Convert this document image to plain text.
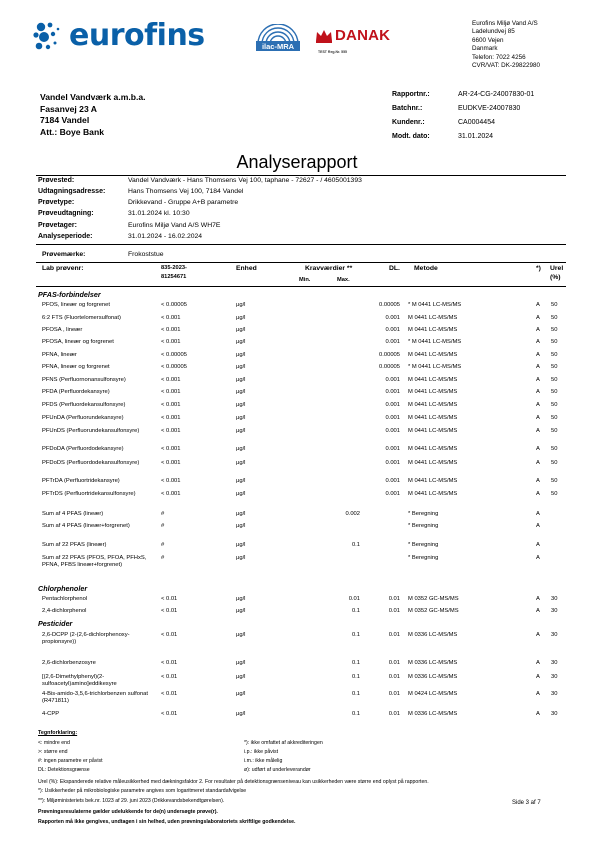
eurofins	ilac-MRA
DANAK
TEST Reg.Nr. 555
Eurofins Miljø Vand A/S
Ladelundvej 85
6600 Vejen
Danmark
Telefon: 7022 4256
CVR/VAT: DK-29822980
Vandel Vandværk a.m.b.a.
Fasanvej 23 A
7184 Vandel
Att.: Boye Bank
Rapportnr.:	AR-24-CG-24007830-01
Batchnr.:	EUDKVE-24007830
Kundenr.:	CA0004454
Modt. dato:	31.01.2024
Analyserapport
Prøvested:	Vandel Vandværk - Hans Thomsens Vej 100, taphane - 72627 - / 4605001393
Udtagningsadresse:	Hans Thomsens Vej 100, 7184 Vandel
Prøvetype:	Drikkevand - Gruppe A+B parametre
Prøveudtagning:	31.01.2024 kl. 10:30
Prøvetager:	Eurofins Miljø Vand A/S WH7E
Analyseperiode:	31.01.2024 - 16.02.2024
Prøvemærke:	Frokoststue
Lab prøvenr:	835-2023-
81254671
Enhed	Kravværdier **
Min.	Max.
DL. Metode	*) Urel
(%)
PFAS-forbindelser
PFOS, lineær og forgrenet	< 0.00005	µg/l	0.00005 * M 0441 LC-MS/MS	A 50
6:2 FTS (Fluortelomersulfonat)	< 0.001	µg/l	0.001 M 0441 LC-MS/MS	A 50
PFOSA , lineær	< 0.001	µg/l	0.001 M 0441 LC-MS/MS	A 50
PFOSA, lineær og forgrenet	< 0.001	µg/l	0.001 * M 0441 LC-MS/MS	A 50
PFNA, lineær	< 0.00005	µg/l	0.00005 M 0441 LC-MS/MS	A 50
PFNA, lineær og forgrenet	< 0.00005	µg/l	0.00005 * M 0441 LC-MS/MS	A 50
PFNS (Perfluornonansulfonsyre)	< 0.001	µg/l	0.001 M 0441 LC-MS/MS	A 50
PFDA (Perfluordekansyre)	< 0.001	µg/l	0.001 M 0441 LC-MS/MS	A 50
PFDS (Perfluordekansulfonsyre)	< 0.001	µg/l	0.001 M 0441 LC-MS/MS	A 50
PFUnDA (Perfluorundekansyre)	< 0.001	µg/l	0.001 M 0441 LC-MS/MS	A 50
PFUnDS (Perfluorundekansulfonsyre)	< 0.001	µg/l	0.001 M 0441 LC-MS/MS	A 50
PFDoDA (Perfluordodekansyre)	< 0.001	µg/l	0.001 M 0441 LC-MS/MS	A 50
PFDoDS (Perfluordodekansulfonsyre)	< 0.001	µg/l	0.001 M 0441 LC-MS/MS	A 50
PFTrDA (Perfluortridekansyre)	< 0.001	µg/l	0.001 M 0441 LC-MS/MS	A 50
PFTrDS (Perfluortridekansulfonsyre)	< 0.001	µg/l	0.001 M 0441 LC-MS/MS	A 50
Sum af 4 PFAS (lineær)	#	µg/l	0.002	* Beregning	A
Sum af 4 PFAS (lineær+forgrenet)	#	µg/l	* Beregning	A
Sum af 22 PFAS (lineær)	#	µg/l	0.1	* Beregning	A
Sum af 22 PFAS (PFOS, PFOA, PFHxS, PFNA, PFBS lineær+forgrenet)
#	µg/l	* Beregning	A
Chlorphenoler
Pentachlorphenol	< 0.01	µg/l	0.01	0.01 M 0352 GC-MS/MS	A 30
2,4-dichlorphenol	< 0.01	µg/l	0.1	0.01 M 0352 GC-MS/MS	A 30
Pesticider
2,6-DCPP (2-(2,6-dichlorphenoxy-propionsyre))
< 0.01	µg/l	0.1	0.01 M 0336 LC-MS/MS	A 30
2,6-dichlorbenzosyre	< 0.01	µg/l	0.1	0.01 M 0336 LC-MS/MS	A 30
[(2,6-Dimethylphenyl)(2-sulfoacetyl)amino]eddikesyre
< 0.01	µg/l	0.1	0.01 M 0336 LC-MS/MS	A 30
4-Bis-amido-3,5,6-trichlorbenzen sulfonat (R471811)
< 0.01	µg/l	0.1	0.01 M 0424 LC-MS/MS	A 30
4-CPP	< 0.01	µg/l	0.1	0.01 M 0336 LC-MS/MS	A 30
Tegnforklaring:
<: mindre end
>: større end
#: ingen parametre er påvist
DL: Detektionsgrænse
*): ikke omfattet af akkrediteringen
i.p.: ikke påvist
i.m.: ikke målelig
ø): udført af underleverandør
Urel (%): Ekspanderede relative måleusikkerhed med dækningsfaktor 2. For resultater på detektionsgrænseniveau kan usikkerheden være større end oplyst på rapporten.
*): Usikkerheder på mikrobiologiske parametre angives som logaritmeret standardafvigelse
**): Miljøministeriets bek.nr. 1023 af 29. juni 2023 (Drikkevandsbekendtgørelsen).	Side 3 af 7
Prøvningsresulaterne gælder udelukkende for de(n) undersøgte prøve(r).
Rapporten må ikke gengives, undtagen i sin helhed, uden prøvningslaboratoriets skriftlige godkendelse.
